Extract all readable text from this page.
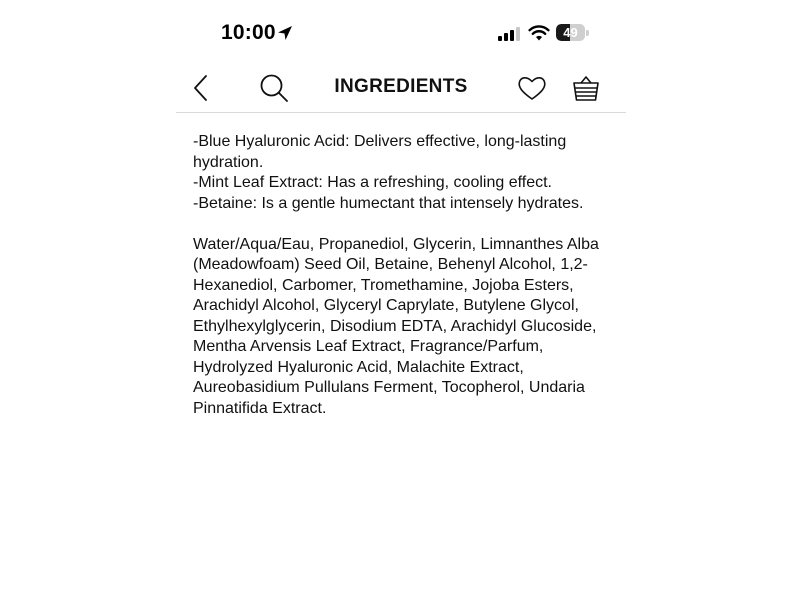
10:00	49
INGREDIENTS

-Blue Hyaluronic Acid: Delivers effective, long-lasting hydration.

-Mint Leaf Extract: Has a refreshing, cooling effect.

-Betaine: Is a gentle humectant that intensely hydrates.

Water/Aqua/Eau, Propanediol, Glycerin, Limnanthes Alba (Meadowfoam) Seed Oil, Betaine, Behenyl Alcohol, 1,2-Hexanediol, Carbomer, Tromethamine, Jojoba Esters, Arachidyl Alcohol, Glyceryl Caprylate, Butylene Glycol, Ethylhexylglycerin, Disodium EDTA, Arachidyl Glucoside, Mentha Arvensis Leaf Extract, Fragrance/Parfum, Hydrolyzed Hyaluronic Acid, Malachite Extract, Aureobasidium Pullulans Ferment, Tocopherol, Undaria Pinnatifida Extract.
